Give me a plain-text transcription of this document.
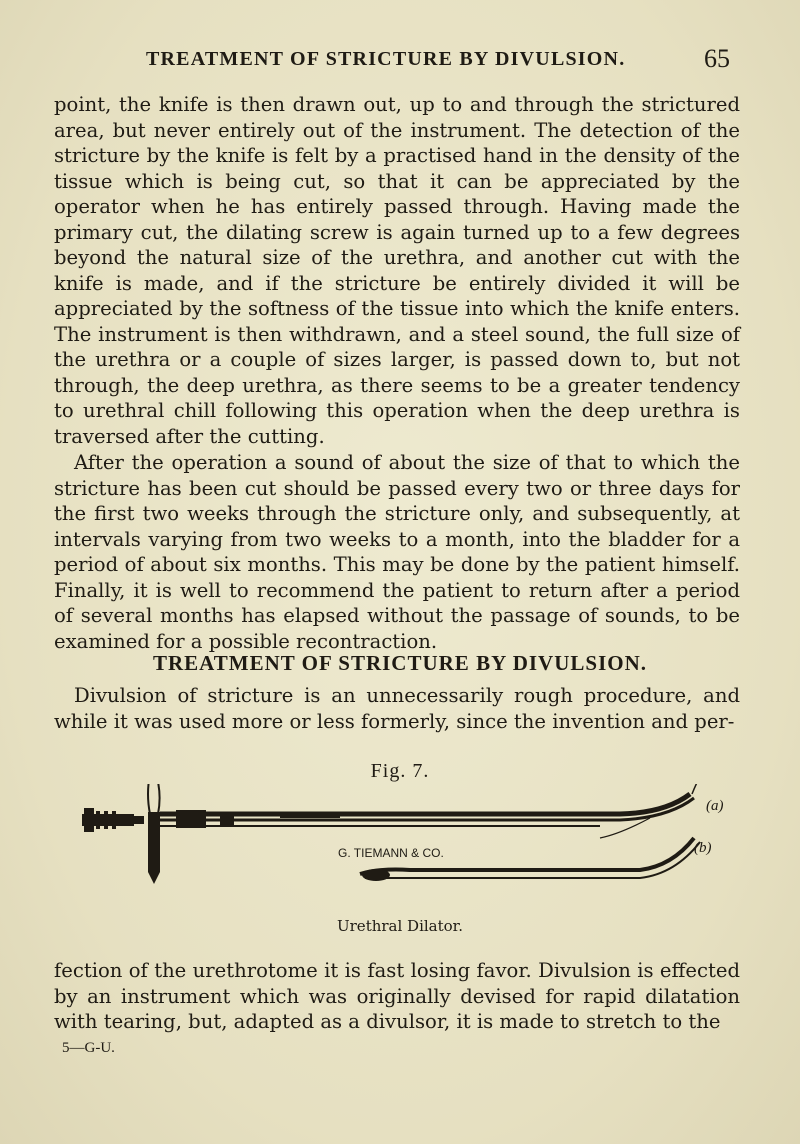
TREATMENT OF STRICTURE BY DIVULSION.	65

point, the knife is then drawn out, up to and through the strictured area, but never entirely out of the instrument. The detection of the stricture by the knife is felt by a practised hand in the density of the tissue which is being cut, so that it can be appreciated by the operator when he has entirely passed through. Having made the primary cut, the dilating screw is again turned up to a few degrees beyond the natural size of the urethra, and another cut with the knife is made, and if the stricture be entirely divided it will be appreciated by the softness of the tissue into which the knife enters. The instrument is then withdrawn, and a steel sound, the full size of the urethra or a couple of sizes larger, is passed down to, but not through, the deep urethra, as there seems to be a greater tendency to urethral chill following this operation when the deep urethra is traversed after the cutting.

After the operation a sound of about the size of that to which the stricture has been cut should be passed every two or three days for the first two weeks through the stricture only, and subsequently, at intervals varying from two weeks to a month, into the bladder for a period of about six months. This may be done by the patient himself. Finally, it is well to recommend the patient to return after a period of several months has elapsed without the passage of sounds, to be examined for a possible recontraction.

TREATMENT OF STRICTURE BY DIVULSION.

Divulsion of stricture is an unnecessarily rough procedure, and while it was used more or less formerly, since the invention and per-

Fig. 7.
G. TIEMANN & CO.
(a)
(b)
Urethral Dilator.

fection of the urethrotome it is fast losing favor. Divulsion is effected by an instrument which was originally devised for rapid dilatation with tearing, but, adapted as a divulsor, it is made to stretch to the

5—G-U.
